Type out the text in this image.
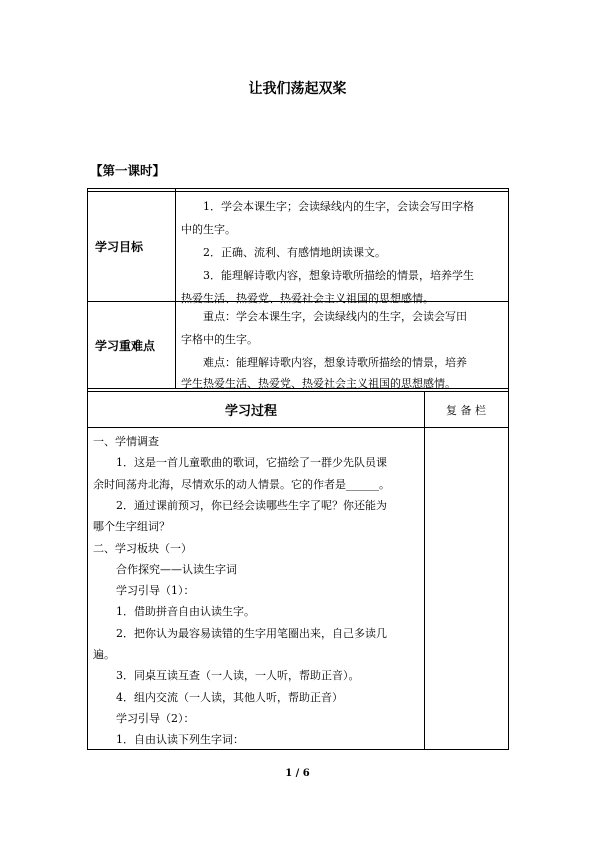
让我们荡起双桨
【第一课时】
学习目标
1．学会本课生字；会读绿线内的生字，会读会写田字格
中的生字。
2．正确、流利、有感情地朗读课文。
3．能理解诗歌内容，想象诗歌所描绘的情景，培养学生
热爱生活、热爱党、热爱社会主义祖国的思想感情。
学习重难点
重点：学会本课生字，会读绿线内的生字，会读会写田
字格中的生字。
难点：能理解诗歌内容，想象诗歌所描绘的情景，培养
学生热爱生活、热爱党、热爱社会主义祖国的思想感情。
学习过程	复 备 栏
一、学情调查
1．这是一首儿童歌曲的歌词，它描绘了一群少先队员课
余时间荡舟北海，尽情欢乐的动人情景。它的作者是______。
2．通过课前预习，你已经会读哪些生字了呢？你还能为
哪个生字组词？
二、学习板块（一）
合作探究——认读生字词
学习引导（1）：
1．借助拼音自由认读生字。
2．把你认为最容易读错的生字用笔圈出来，自己多读几
遍。
3．同桌互读互查（一人读，一人听，帮助正音）。
4．组内交流（一人读，其他人听，帮助正音）
学习引导（2）：
1．自由认读下列生字词：
1 / 6
